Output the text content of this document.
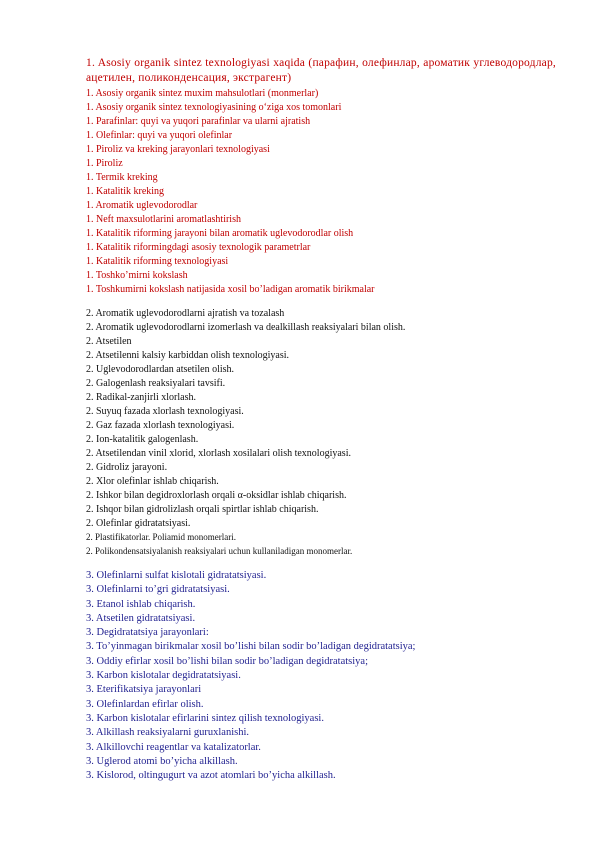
1. Asosiy organik sintez texnologiyasi xaqida (парафин, олефинлар, ароматик углеводородлар, ацетилен, поликонденсация, экстрагент)

1. Asosiy organik sintez muxim mahsulotlari (monmerlar)
1. Asosiy organik sintez texnologiyasining o‘ziga xos tomonlari
1. Parafinlar: quyi va yuqori parafinlar va ularni ajratish
1. Olefinlar: quyi va yuqori olefinlar
1. Piroliz va kreking jarayonlari texnologiyasi
1. Piroliz
1. Termik kreking
1. Katalitik kreking
1. Aromatik uglevodorodlar
1. Neft maxsulotlarini aromatlashtirish
1. Katalitik riforming jarayoni bilan aromatik uglevodorodlar olish
1. Katalitik riformingdagi asosiy texnologik parametrlar
1. Katalitik riforming texnologiyasi
1. Toshko’mirni kokslash
1. Toshkumirni kokslash natijasida xosil bo’ladigan aromatik birikmalar
2. Aromatik uglevodorodlarni ajratish va tozalash
2. Aromatik uglevodorodlarni izomerlash va dealkillash reaksiyalari bilan olish.
2. Atsetilen
2. Atsetilenni kalsiy karbiddan olish texnologiyasi.
2. Uglevodorodlardan atsetilen olish.
2. Galogenlash reaksiyalari tavsifi.
2. Radikal-zanjirli xlorlash.
2. Suyuq fazada xlorlash texnologiyasi.
2. Gaz fazada xlorlash texnologiyasi.
2. Ion-katalitik galogenlash.
2. Atsetilendan vinil xlorid, xlorlash xosilalari olish texnologiyasi.
2. Gidroliz jarayoni.
2. Xlor olefinlar ishlab chiqarish.
2. Ishkor bilan degidroxlorlash orqali α-oksidlar ishlab chiqarish.
2. Ishqor bilan gidrolizlash orqali spirtlar ishlab chiqarish.
2. Olefinlar gidratatsiyasi.
2. Plastifikatorlar. Poliamid monomerlari.
2. Polikondensatsiyalanish reaksiyalari uchun kullaniladigan monomerlar.
3. Olefinlarni sulfat kislotali gidratatsiyasi.
3. Olefinlarni to’gri gidratatsiyasi.
3. Etanol ishlab chiqarish.
3. Atsetilen gidratatsiyasi.
3. Degidratatsiya jarayonlari:
3. To’yinmagan birikmalar xosil bo’lishi bilan sodir bo’ladigan degidratatsiya;
3. Oddiy efirlar xosil bo’lishi bilan sodir bo’ladigan degidratatsiya;
3. Karbon kislotalar degidratatsiyasi.
3. Eterifikatsiya jarayonlari
3. Olefinlardan efirlar olish.
3. Karbon kislotalar efirlarini sintez qilish texnologiyasi.
3. Alkillash reaksiyalarni guruxlanishi.
3. Alkillovchi reagentlar va katalizatorlar.
3. Uglerod atomi bo’yicha alkillash.
3. Kislorod, oltingugurt va azot atomlari bo’yicha alkillash.
